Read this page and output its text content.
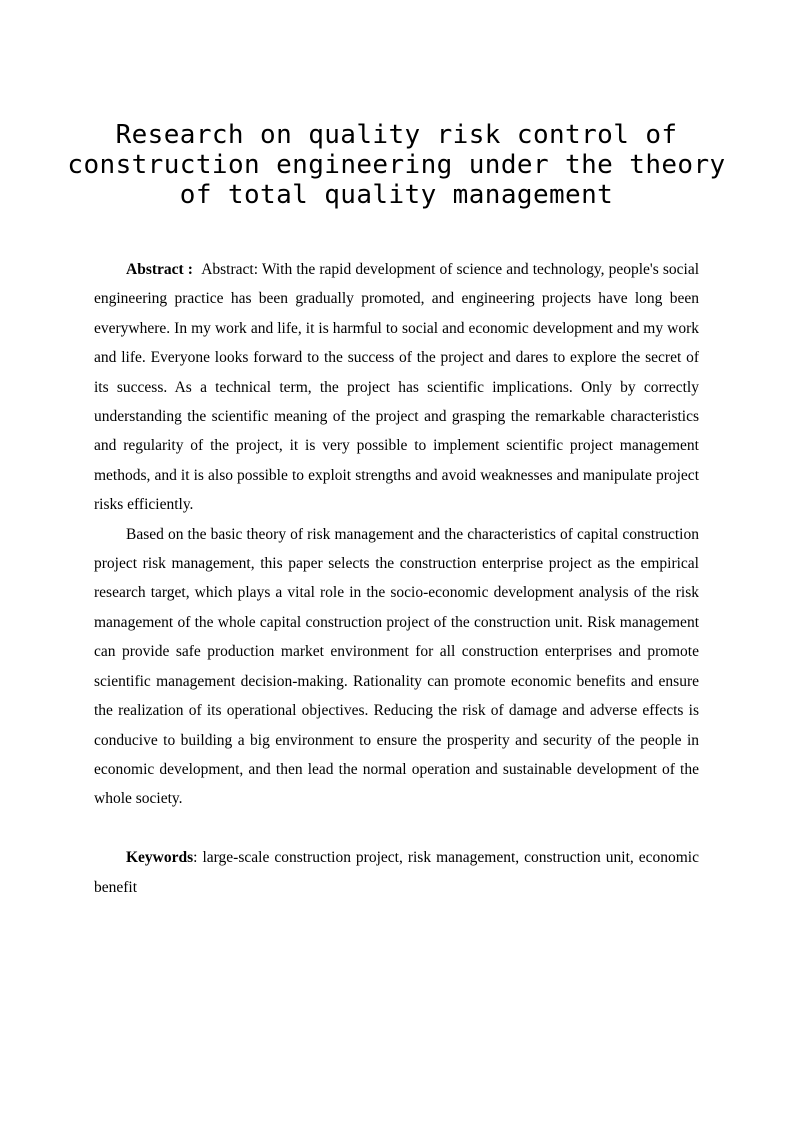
Research on quality risk control of construction engineering under the theory of total quality management

Abstract : Abstract: With the rapid development of science and technology, people's social engineering practice has been gradually promoted, and engineering projects have long been everywhere. In my work and life, it is harmful to social and economic development and my work and life. Everyone looks forward to the success of the project and dares to explore the secret of its success. As a technical term, the project has scientific implications. Only by correctly understanding the scientific meaning of the project and grasping the remarkable characteristics and regularity of the project, it is very possible to implement scientific project management methods, and it is also possible to exploit strengths and avoid weaknesses and manipulate project risks efficiently.

Based on the basic theory of risk management and the characteristics of capital construction project risk management, this paper selects the construction enterprise project as the empirical research target, which plays a vital role in the socio-economic development analysis of the risk management of the whole capital construction project of the construction unit. Risk management can provide safe production market environment for all construction enterprises and promote scientific management decision-making. Rationality can promote economic benefits and ensure the realization of its operational objectives. Reducing the risk of damage and adverse effects is conducive to building a big environment to ensure the prosperity and security of the people in economic development, and then lead the normal operation and sustainable development of the whole society.

Keywords: large-scale construction project, risk management, construction unit, economic benefit
